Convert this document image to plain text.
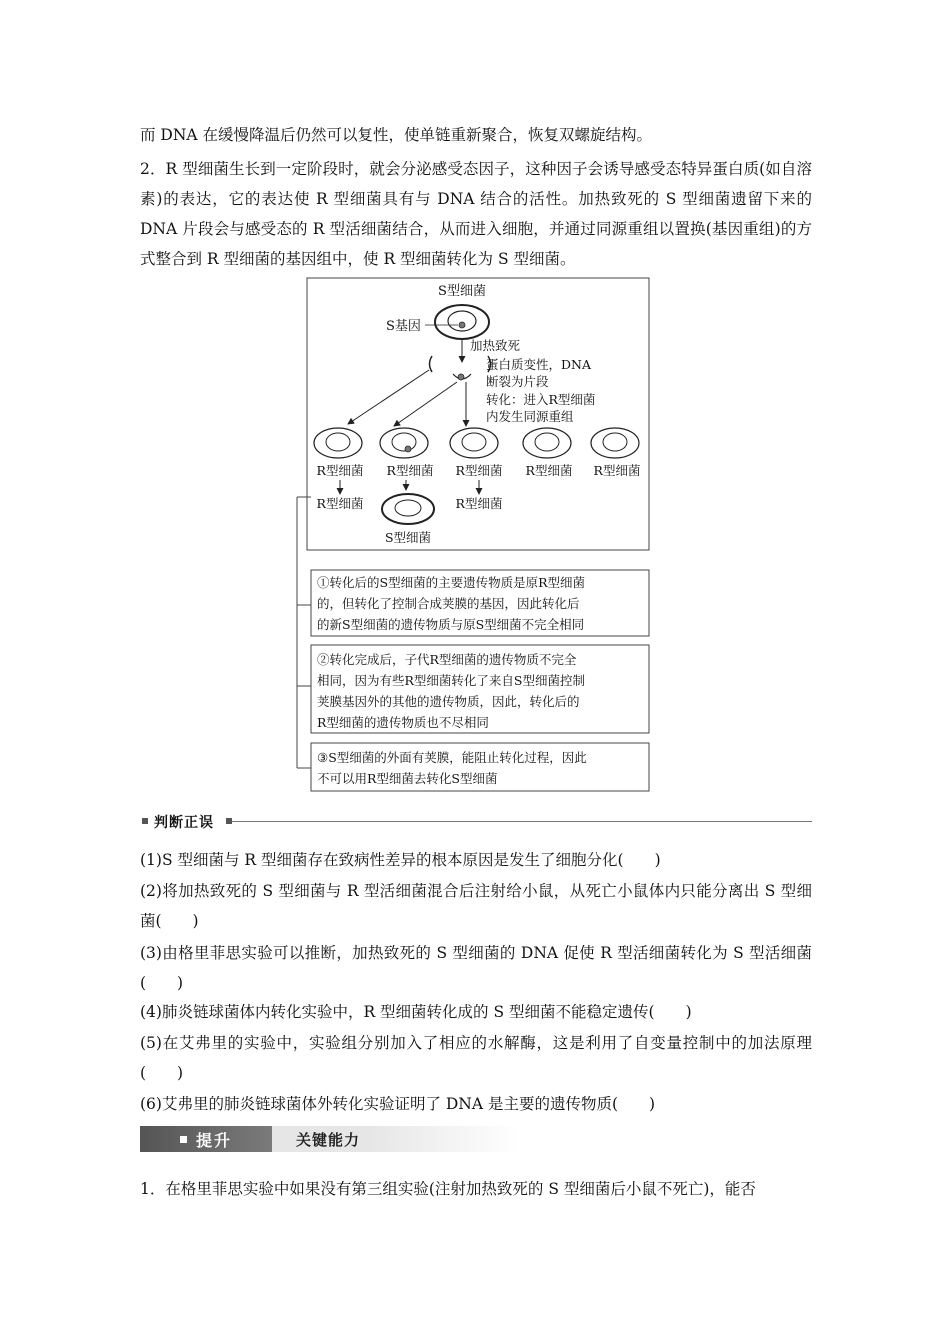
而 DNA 在缓慢降温后仍然可以复性，使单链重新聚合，恢复双螺旋结构。
2．R 型细菌生长到一定阶段时，就会分泌感受态因子，这种因子会诱导感受态特异蛋白质(如自溶素)的表达，它的表达使 R 型细菌具有与 DNA 结合的活性。加热致死的 S 型细菌遗留下来的 DNA 片段会与感受态的 R 型活细菌结合，从而进入细胞，并通过同源重组以置换(基因重组)的方式整合到 R 型细菌的基因组中，使 R 型细菌转化为 S 型细菌。
S型细菌
S基因
加热致死
蛋白质变性，DNA
断裂为片段
转化：进入R型细菌
内发生同源重组
R型细菌 R型细菌 R型细菌 R型细菌 R型细菌
R型细菌	R型细菌
S型细菌
①转化后的S型细菌的主要遗传物质是原R型细菌
的，但转化了控制合成荚膜的基因，因此转化后
的新S型细菌的遗传物质与原S型细菌不完全相同
②转化完成后，子代R型细菌的遗传物质不完全
相同，因为有些R型细菌转化了来自S型细菌控制
荚膜基因外的其他的遗传物质，因此，转化后的
R型细菌的遗传物质也不尽相同
③S型细菌的外面有荚膜，能阻止转化过程，因此
不可以用R型细菌去转化S型细菌
判断正误
(1)S 型细菌与 R 型细菌存在致病性差异的根本原因是发生了细胞分化(　　)
(2)将加热致死的 S 型细菌与 R 型活细菌混合后注射给小鼠，从死亡小鼠体内只能分离出 S 型细菌(　　)
(3)由格里菲思实验可以推断，加热致死的 S 型细菌的 DNA 促使 R 型活细菌转化为 S 型活细菌(　　)
(4)肺炎链球菌体内转化实验中，R 型细菌转化成的 S 型细菌不能稳定遗传(　　)
(5)在艾弗里的实验中，实验组分别加入了相应的水解酶，这是利用了自变量控制中的加法原理(　　)
(6)艾弗里的肺炎链球菌体外转化实验证明了 DNA 是主要的遗传物质(　　)
提升	关键能力
1．在格里菲思实验中如果没有第三组实验(注射加热致死的 S 型细菌后小鼠不死亡)，能否
